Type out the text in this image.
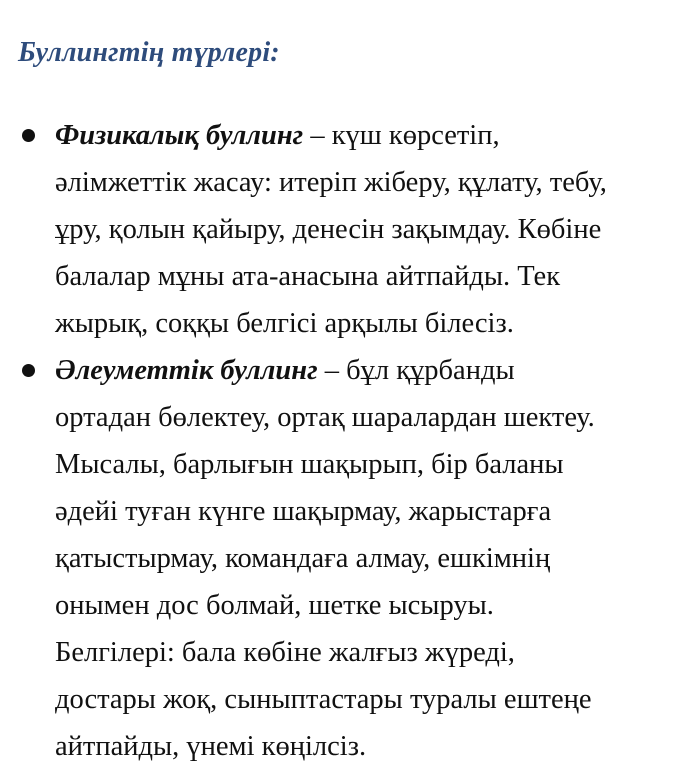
Буллингтің түрлері:
Физикалық буллинг – күш көрсетіп,
әлімжеттік жасау: итеріп жіберу, құлату, тебу,
ұру, қолын қайыру, денесін зақымдау. Көбіне
балалар мұны ата-анасына айтпайды. Тек
жырық, соққы белгісі арқылы білесіз.
Әлеуметтік буллинг – бұл құрбанды
ортадан бөлектеу, ортақ шаралардан шектеу.
Мысалы, барлығын шақырып, бір баланы
әдейі туған күнге шақырмау, жарыстарға
қатыстырмау, командаға алмау, ешкімнің
онымен дос болмай, шетке ысыруы.
Белгілері: бала көбіне жалғыз жүреді,
достары жоқ, сыныптастары туралы ештеңе
айтпайды, үнемі көңілсіз.
